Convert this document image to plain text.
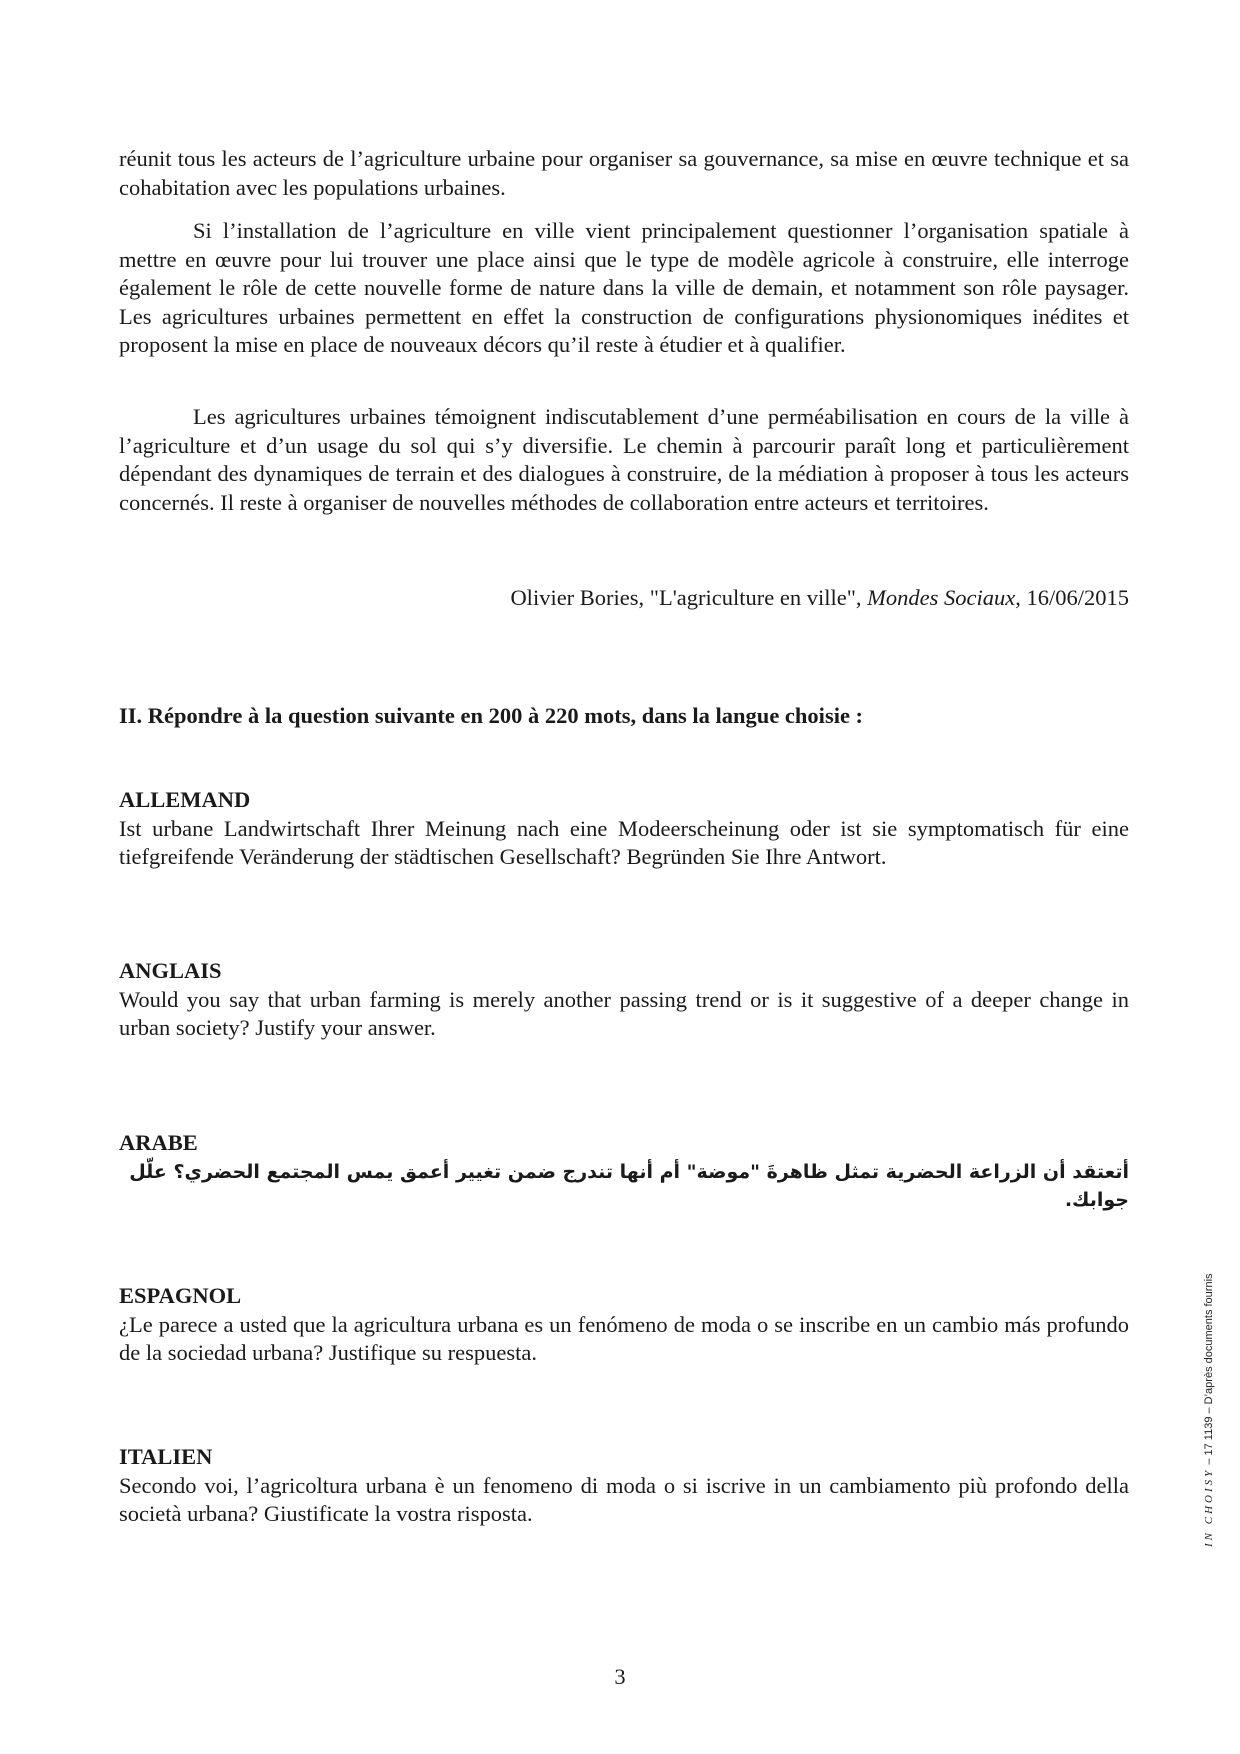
réunit tous les acteurs de l’agriculture urbaine pour organiser sa gouvernance, sa mise en œuvre technique et sa cohabitation avec les populations urbaines.

Si l’installation de l’agriculture en ville vient principalement questionner l’organisation spatiale à mettre en œuvre pour lui trouver une place ainsi que le type de modèle agricole à construire, elle interroge également le rôle de cette nouvelle forme de nature dans la ville de demain, et notamment son rôle paysager. Les agricultures urbaines permettent en effet la construction de configurations physionomiques inédites et proposent la mise en place de nouveaux décors qu’il reste à étudier et à qualifier.

Les agricultures urbaines témoignent indiscutablement d’une perméabilisation en cours de la ville à l’agriculture et d’un usage du sol qui s’y diversifie. Le chemin à parcourir paraît long et particulièrement dépendant des dynamiques de terrain et des dialogues à construire, de la médiation à proposer à tous les acteurs concernés. Il reste à organiser de nouvelles méthodes de collaboration entre acteurs et territoires.

Olivier Bories, "L'agriculture en ville", Mondes Sociaux, 16/06/2015
II. Répondre à la question suivante en 200 à 220 mots, dans la langue choisie :

ALLEMAND

Ist urbane Landwirtschaft Ihrer Meinung nach eine Modeerscheinung oder ist sie symptomatisch für eine tiefgreifende Veränderung der städtischen Gesellschaft? Begründen Sie Ihre Antwort.

ANGLAIS

Would you say that urban farming is merely another passing trend or is it suggestive of a deeper change in urban society? Justify your answer.

ARABE

أتعتقد أن الزراعة الحضرية تمثل ظاهرةَ "موضة" أم أنها تندرج ضمن تغيير أعمق يمس المجتمع الحضري؟ علّل جوابك.

ESPAGNOL

¿Le parece a usted que la agricultura urbana es un fenómeno de moda o se inscribe en un cambio más profundo de la sociedad urbana? Justifique su respuesta.

ITALIEN

Secondo voi, l’agricoltura urbana è un fenomeno di moda o si iscrive in un cambiamento più profondo della società urbana? Giustificate la vostra risposta.

3
IN CHOISY – 17 1139 – D’après documents fournis
